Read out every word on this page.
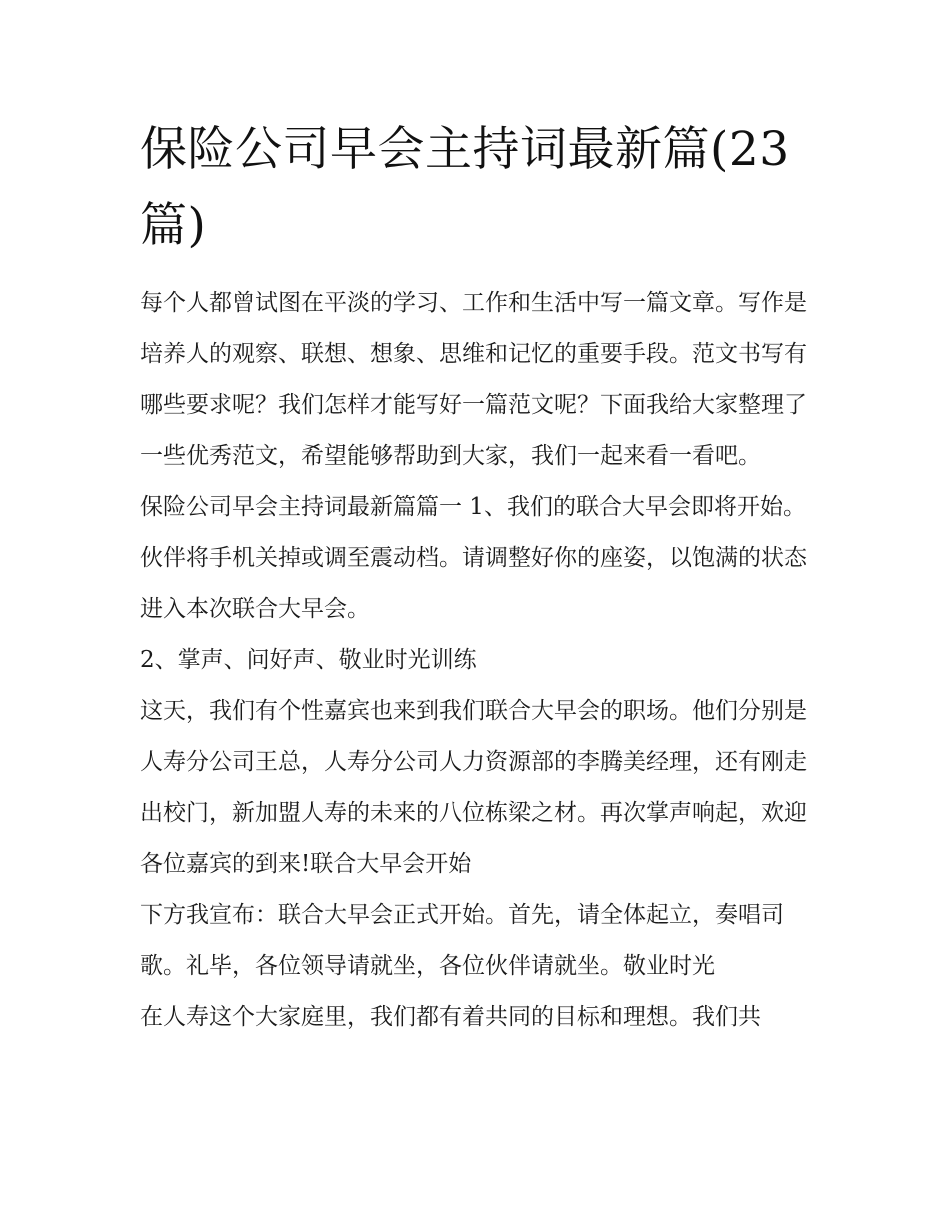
保险公司早会主持词最新篇(23篇)

每个人都曾试图在平淡的学习、工作和生活中写一篇文章。写作是培养人的观察、联想、想象、思维和记忆的重要手段。范文书写有哪些要求呢？我们怎样才能写好一篇范文呢？下面我给大家整理了一些优秀范文，希望能够帮助到大家，我们一起来看一看吧。

保险公司早会主持词最新篇篇一 1、我们的联合大早会即将开始。 伙伴将手机关掉或调至震动档。请调整好你的座姿，以饱满的状态进入本次联合大早会。

2、掌声、问好声、敬业时光训练

这天，我们有个性嘉宾也来到我们联合大早会的职场。他们分别是人寿分公司王总，人寿分公司人力资源部的李腾美经理，还有刚走出校门，新加盟人寿的未来的八位栋梁之材。再次掌声响起，欢迎各位嘉宾的到来!联合大早会开始

下方我宣布：联合大早会正式开始。首先，请全体起立，奏唱司歌。礼毕，各位领导请就坐，各位伙伴请就坐。敬业时光

在人寿这个大家庭里，我们都有着共同的目标和理想。我们共
